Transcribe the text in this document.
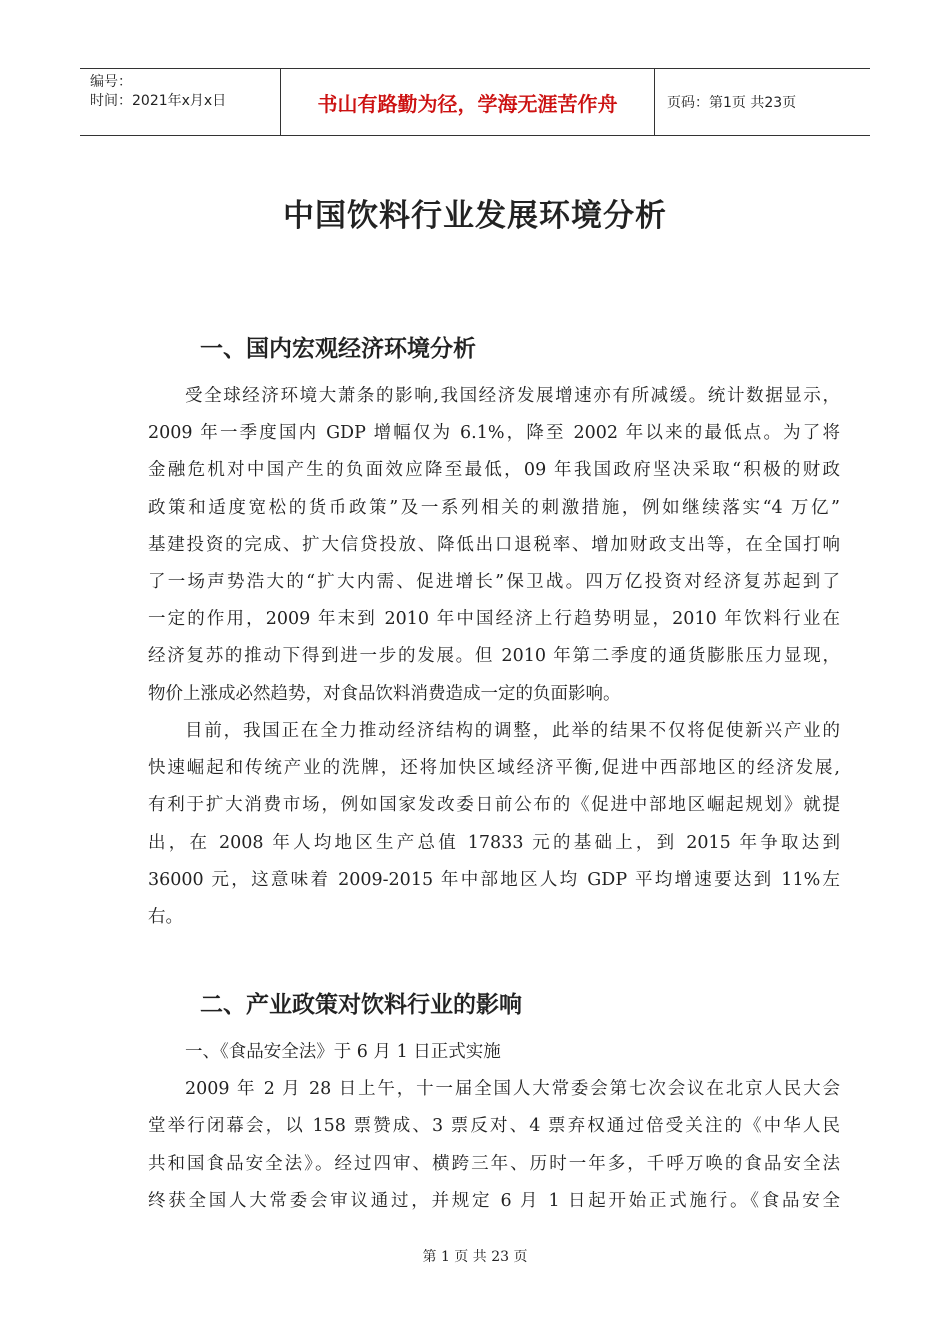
编号：
时间：2021年x月x日	书山有路勤为径，学海无涯苦作舟	页码：第1页 共23页
中国饮料行业发展环境分析
一、国内宏观经济环境分析
受全球经济环境大萧条的影响,我国经济发展增速亦有所减缓。统计数据显示，
2009 年一季度国内 GDP 增幅仅为 6.1%，降至 2002 年以来的最低点。为了将
金融危机对中国产生的负面效应降至最低，09 年我国政府坚决采取“积极的财政
政策和适度宽松的货币政策”及一系列相关的刺激措施，例如继续落实“4 万亿”
基建投资的完成、扩大信贷投放、降低出口退税率、增加财政支出等，在全国打响
了一场声势浩大的“扩大内需、促进增长”保卫战。四万亿投资对经济复苏起到了
一定的作用，2009 年末到 2010 年中国经济上行趋势明显，2010 年饮料行业在
经济复苏的推动下得到进一步的发展。但 2010 年第二季度的通货膨胀压力显现，
物价上涨成必然趋势，对食品饮料消费造成一定的负面影响。
目前，我国正在全力推动经济结构的调整，此举的结果不仅将促使新兴产业的
快速崛起和传统产业的洗牌，还将加快区域经济平衡,促进中西部地区的经济发展,
有利于扩大消费市场，例如国家发改委日前公布的《促进中部地区崛起规划》就提
出，在 2008 年人均地区生产总值 17833 元的基础上，到 2015 年争取达到
36000 元，这意味着 2009-2015 年中部地区人均 GDP 平均增速要达到 11%左
右。
二、产业政策对饮料行业的影响
一、《食品安全法》于 6 月 1 日正式实施
2009 年 2 月 28 日上午，十一届全国人大常委会第七次会议在北京人民大会
堂举行闭幕会，以 158 票赞成、3 票反对、4 票弃权通过倍受关注的《中华人民
共和国食品安全法》。经过四审、横跨三年、历时一年多，千呼万唤的食品安全法
终获全国人大常委会审议通过，并规定 6 月 1 日起开始正式施行。《食品安全
第 1 页 共 23 页
